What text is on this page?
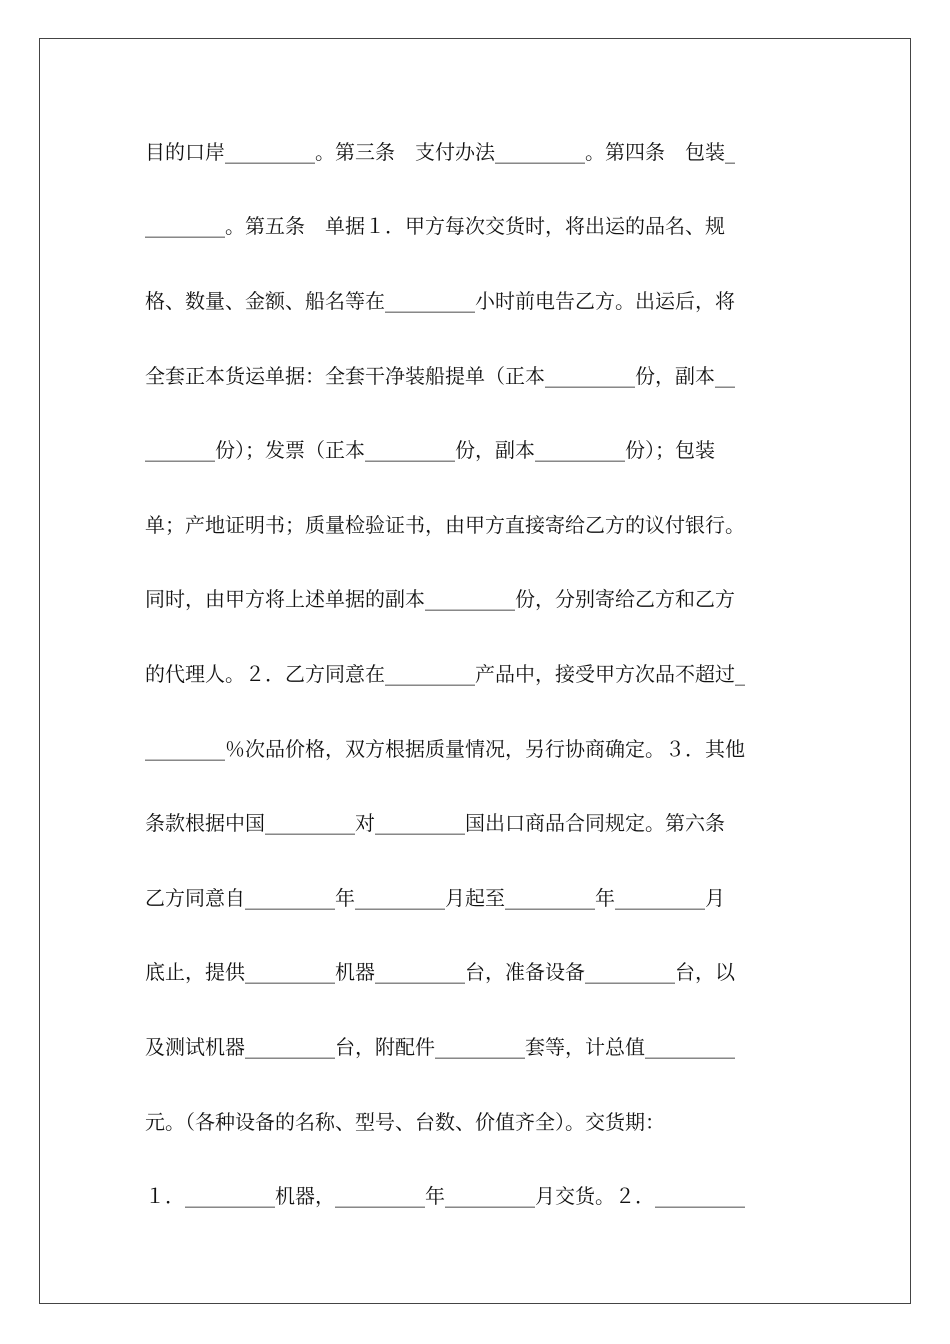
目的口岸_________。第三条　支付办法_________。第四条　包装_
________。第五条　单据１．甲方每次交货时，将出运的品名、规
格、数量、金额、船名等在_________小时前电告乙方。出运后，将
全套正本货运单据：全套干净装船提单（正本_________份，副本__
_______份）；发票（正本_________份，副本_________份）；包装
单；产地证明书；质量检验证书，由甲方直接寄给乙方的议付银行。
同时，由甲方将上述单据的副本_________份，分别寄给乙方和乙方
的代理人。２．乙方同意在_________产品中，接受甲方次品不超过_
________％次品价格，双方根据质量情况，另行协商确定。３．其他
条款根据中国_________对_________国出口商品合同规定。第六条
乙方同意自_________年_________月起至_________年_________月
底止，提供_________机器_________台，准备设备_________台，以
及测试机器_________台，附配件_________套等，计总值_________
元。（各种设备的名称、型号、台数、价值齐全）。交货期：
１．_________机器，_________年_________月交货。２．_________
